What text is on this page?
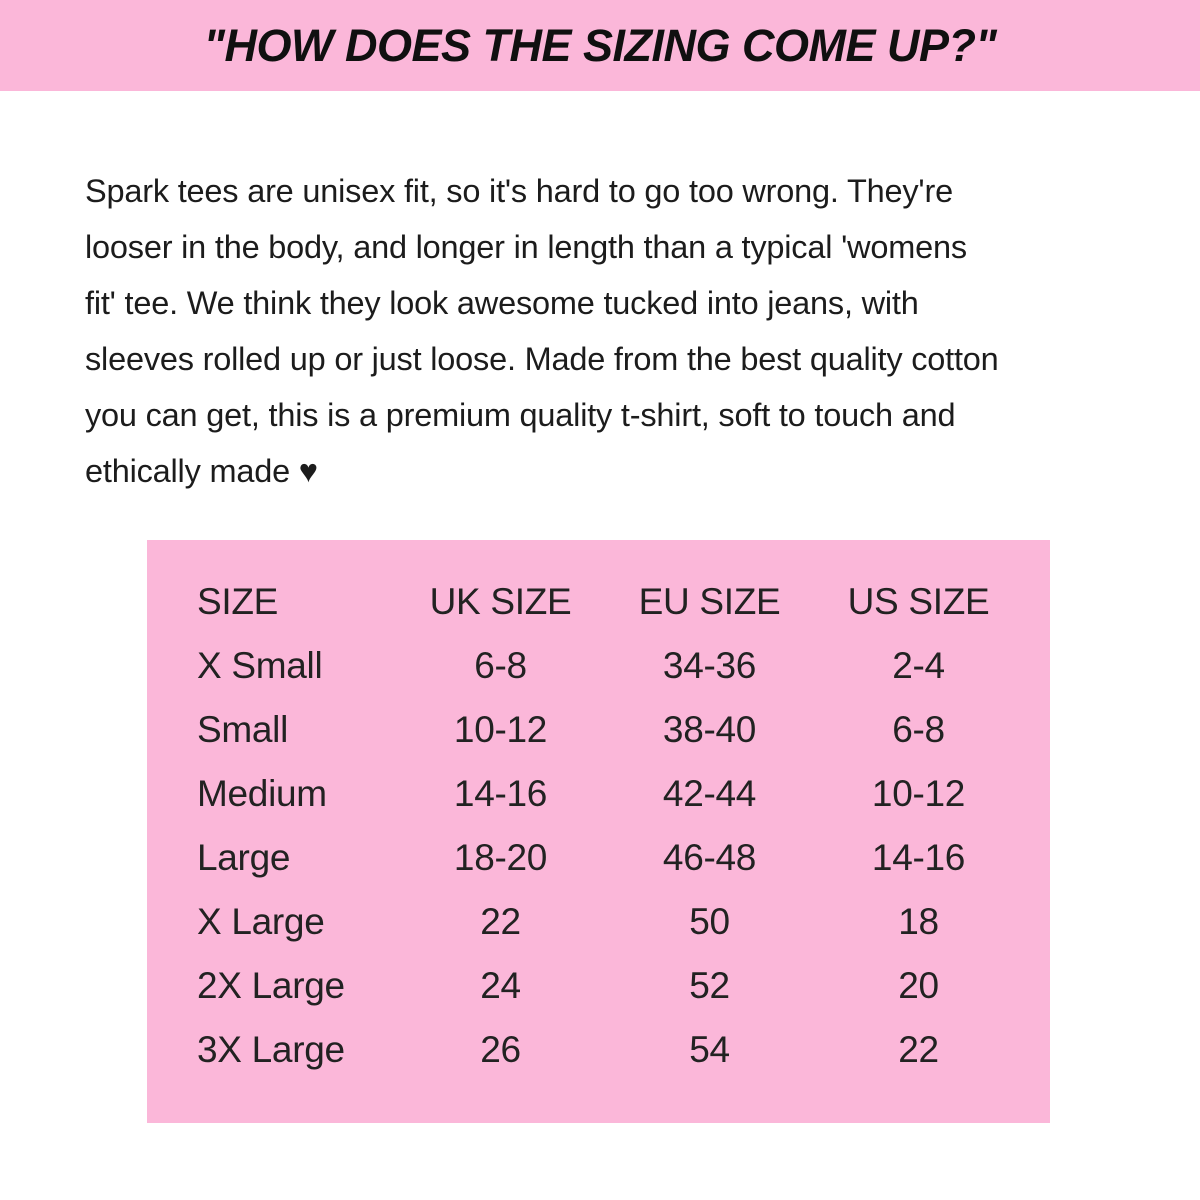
"HOW DOES THE SIZING COME UP?"
Spark tees are unisex fit, so it's hard to go too wrong. They're
looser in the body, and longer in length than a typical 'womens
fit' tee. We think they look awesome tucked into jeans, with
sleeves rolled up or just loose. Made from the best quality cotton
you can get, this is a premium quality t-shirt, soft to touch and
ethically made ♥
SIZE	UK SIZE	EU SIZE	US SIZE
X Small	6-8	34-36	2-4
Small	10-12	38-40	6-8
Medium	14-16	42-44	10-12
Large	18-20	46-48	14-16
X Large	22	50	18
2X Large	24	52	20
3X Large	26	54	22
